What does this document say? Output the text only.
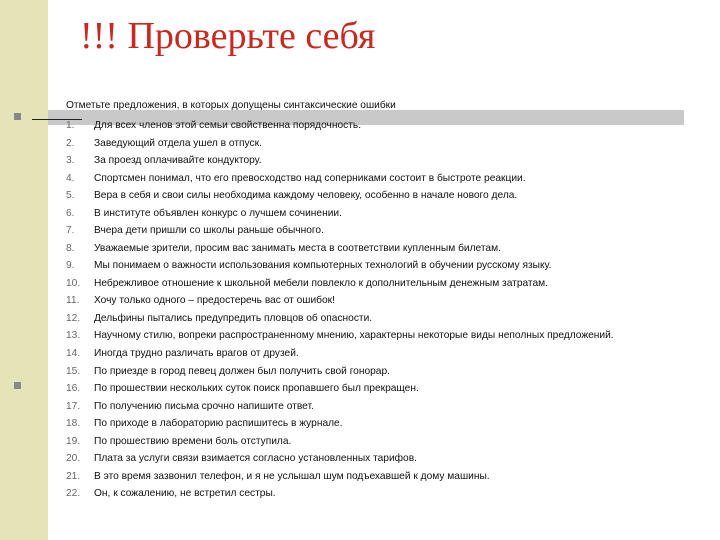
!!! Проверьте себя
Отметьте предложения, в которых допущены синтаксические ошибки
1.	Для всех членов этой семьи свойственна порядочность.
2.	Заведующий отдела ушел в отпуск.
3.	За проезд оплачивайте кондуктору.
4.	Спортсмен понимал, что его превосходство над соперниками состоит в быстроте реакции.
5.	Вера в себя и свои силы необходима каждому человеку, особенно в начале нового дела.
6.	В институте объявлен конкурс о лучшем сочинении.
7.	Вчера дети пришли со школы раньше обычного.
8.	Уважаемые зрители, просим вас занимать места в соответствии купленным билетам.
9.	Мы понимаем о важности использования компьютерных технологий в обучении русскому языку.
10.	Небрежливое отношение к школьной мебели повлекло к дополнительным денежным затратам.
11.	Хочу только одного – предостеречь вас от ошибок!
12.	Дельфины пытались предупредить пловцов об опасности.
13.	Научному стилю, вопреки распространенному мнению, характерны некоторые виды неполных предложений.
14.	Иногда трудно различать врагов от друзей.
15.	По приезде в город певец должен был получить свой гонорар.
16.	По прошествии нескольких суток поиск пропавшего был прекращен.
17.	По получению письма срочно напишите ответ.
18.	По приходе в лабораторию распишитесь в журнале.
19.	По прошествию времени боль отступила.
20.	Плата за услуги связи взимается согласно установленных тарифов.
21.	В это время зазвонил телефон, и я не услышал шум подъехавшей к дому машины.
22.	Он, к сожалению, не встретил сестры.
